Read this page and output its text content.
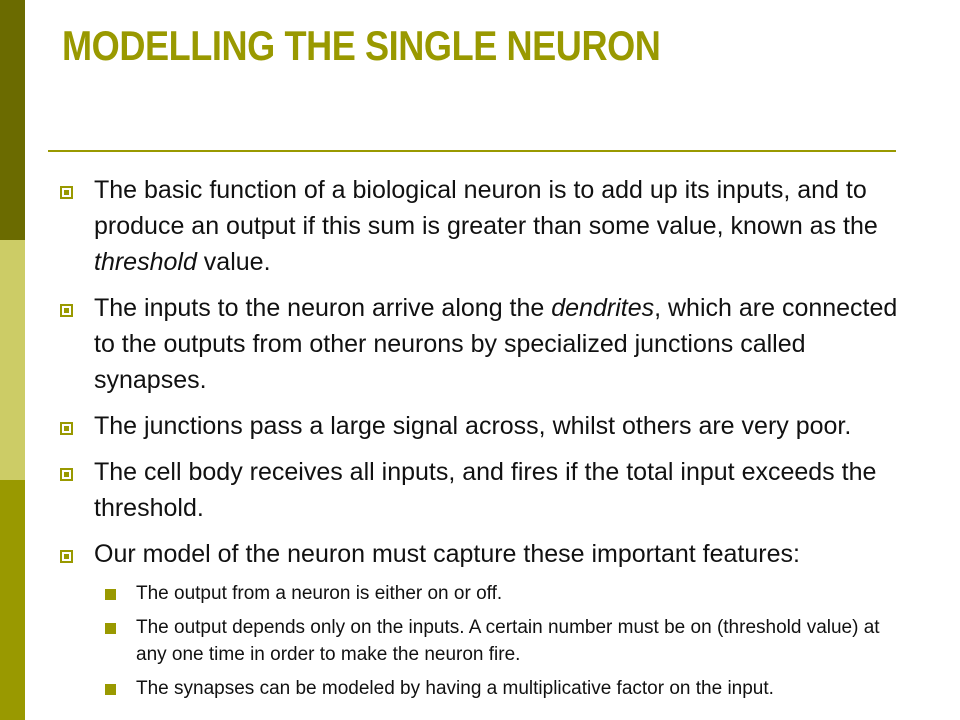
MODELLING THE SINGLE NEURON
The basic function of a biological neuron is to add up its inputs, and to produce an output if this sum is greater than some value, known as the threshold value.
The inputs to the neuron arrive along the dendrites, which are connected to the outputs from other neurons by specialized junctions called synapses.
The junctions pass a large signal across, whilst others are very poor.
The cell body receives all inputs, and fires if the total input exceeds the threshold.
Our model of the neuron must capture these important features:
The output from a neuron is either on or off.
The output depends only on the inputs. A certain number must be on (threshold value) at any one time in order to make the neuron fire.
The synapses can be modeled by having a multiplicative factor on the input.
